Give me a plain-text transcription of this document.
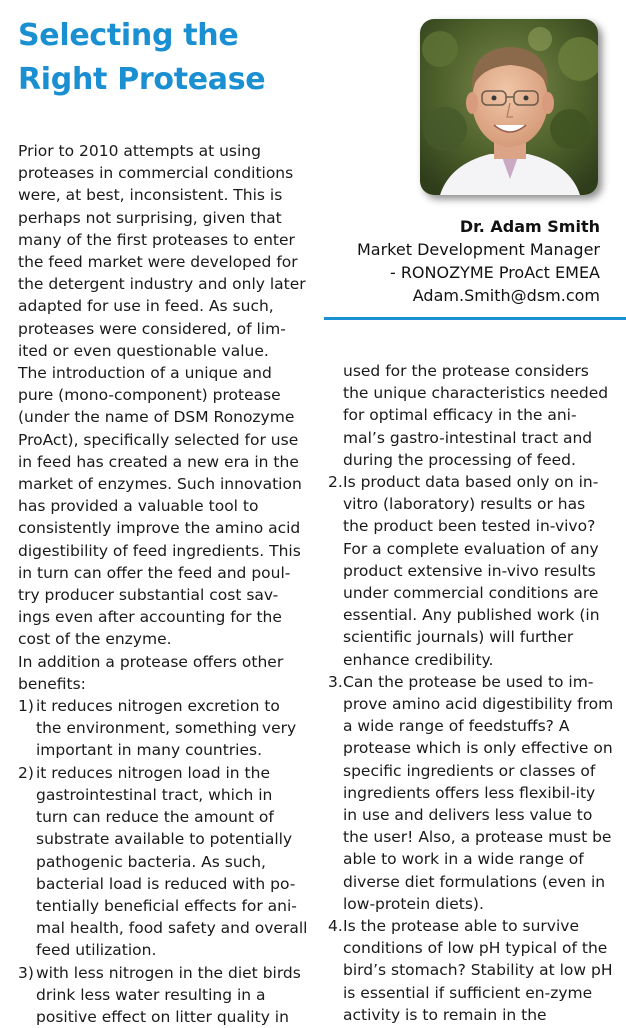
Selecting the Right Protease
Dr. Adam Smith
Market Development Manager
- RONOZYME ProAct EMEA
Adam.Smith@dsm.com

Prior to 2010 attempts at using proteases in commercial conditions were, at best, inconsistent. This is perhaps not surprising, given that many of the first proteases to enter the feed market were developed for the detergent industry and only later adapted for use in feed. As such, proteases were considered, of lim-ited or even questionable value.

The introduction of a unique and pure (mono-component) protease (under the name of DSM Ronozyme ProAct), specifically selected for use in feed has created a new era in the market of enzymes. Such innovation has provided a valuable tool to consistently improve the amino acid digestibility of feed ingredients. This in turn can offer the feed and poul-try producer substantial cost sav-ings even after accounting for the cost of the enzyme.

In addition a protease offers other benefits:

1) it reduces nitrogen excretion to the environment, something very important in many countries.
2) it reduces nitrogen load in the gastrointestinal tract, which in turn can reduce the amount of substrate available to potentially pathogenic bacteria. As such, bacterial load is reduced with po-tentially beneficial effects for ani-mal health, food safety and overall feed utilization.
3) with less nitrogen in the diet birds drink less water resulting in a positive effect on litter quality in

used for the protease considers the unique characteristics needed for optimal efficacy in the ani-mal’s gastro-intestinal tract and during the processing of feed.

2. Is product data based only on in-vitro (laboratory) results or has the product been tested in-vivo? For a complete evaluation of any product extensive in-vivo results under commercial conditions are essential. Any published work (in scientific journals) will further enhance credibility.
3. Can the protease be used to im-prove amino acid digestibility from a wide range of feedstuffs? A protease which is only effective on specific ingredients or classes of ingredients offers less flexibil-ity in use and delivers less value to the user! Also, a protease must be able to work in a wide range of diverse diet formulations (even in low-protein diets).
4. Is the protease able to survive conditions of low pH typical of the bird’s stomach? Stability at low pH is essential if sufficient en-zyme activity is to remain in the
